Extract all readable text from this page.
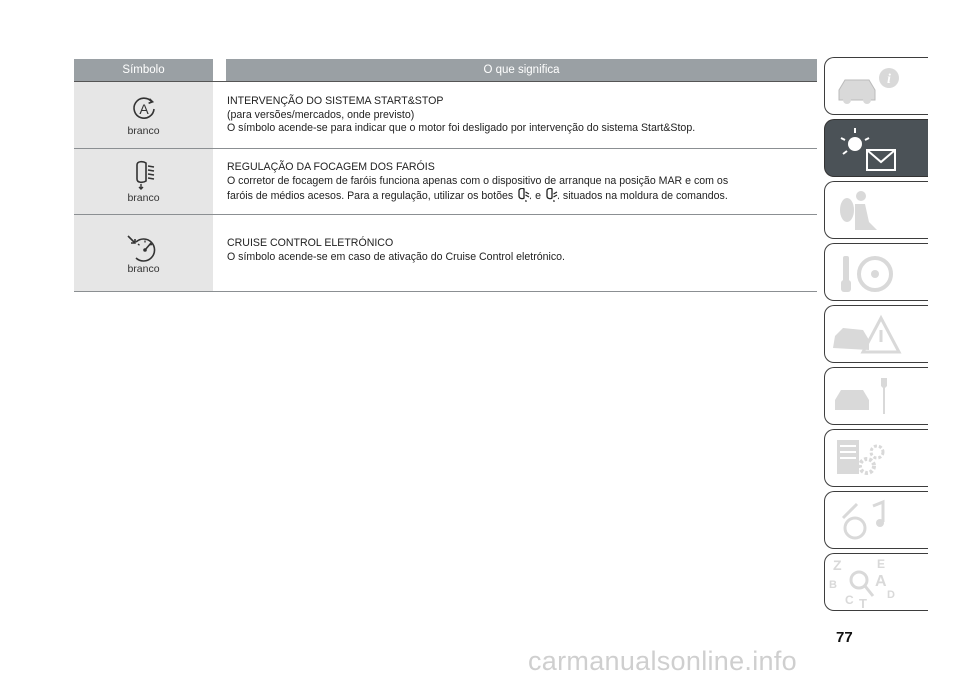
Símbolo	O que significa
A
branco
INTERVENÇÃO DO SISTEMA START&STOP
(para versões/mercados, onde previsto)
O símbolo acende-se para indicar que o motor foi desligado por intervenção do sistema Start&Stop.
branco
REGULAÇÃO DA FOCAGEM DOS FARÓIS
O corretor de focagem de faróis funciona apenas com o dispositivo de arranque na posição MAR e com os
faróis de médios acesos. Para a regulação, utilizar os botões e situados na moldura de comandos.
branco
CRUISE CONTROL ELETRÓNICO
O símbolo acende-se em caso de ativação do Cruise Control eletrónico.
i
Z	E
B A
C T
D
77
carmanualsonline.info
